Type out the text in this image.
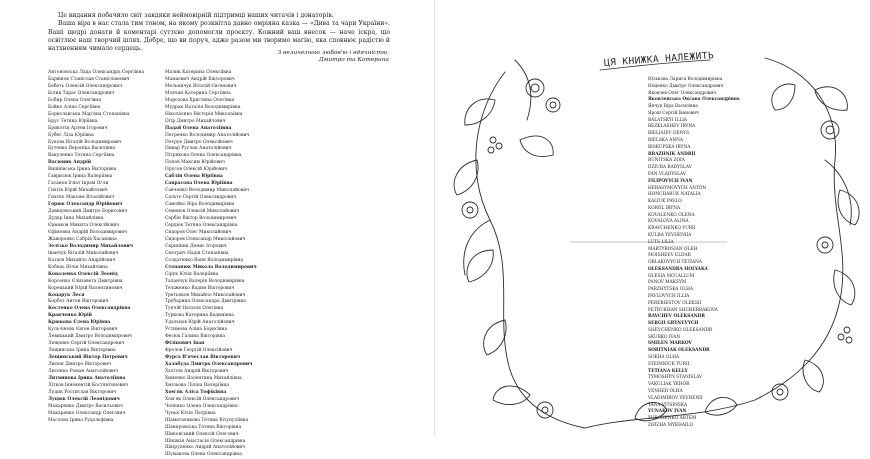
Це видання побачило світ завдяки неймовірній підтримці наших читачів і донаторів.

Ваша віра в нас стала тим тоном, на якому розквітла давно омріяна казка — «Дива та чари України». Ваші щедрі донати й коментарі суттєво допомогли проєкту. Кожний ваш внесок — наче іскра, що освітлює наш творчий шлях. Добре, що ви поруч, адже разом ми творимо магію, яка сповнює радістю й натхненням чимало сердець.

З величезною любов'ю і вдячністю,
Дмитро та Катерина
Антоновська Лада Олександра Сергіївна
Барвінок Станіслав Станіславович
Бебеть Олексій Олександрович
Білик Тарас Олександрович
Бобир Олена Олегівна
Бойко Аліна Сергіївна
Бориславська Мар'яна Степанівна
Брус Тетяна Юріївна
Брикотін Артем Ігорович
Бубес Ліза Юріївна
Букова Віталій Володимирович
Бутенко Вероніка Василівна
Вакуленко Тетяна Сергіївна
Васюник Андрій
Вишнівська Ірина Вікторівна
Гаврилюк Ірина Валеріївна
Гасанов Ігнат Ікрам Огли
Гнатів Юрій Михайлович
Гнатко Максим Віталійович
Горюк Олександр Юрійович
Давидовський Дмитро Борисович
Дудар Інна Михайлівна
Єрмаков Микита Олексійович
Єфімовна Андрій Володимирович
Жаворонко Сабрія Хасанівна
Зелізко Володимир Михайлович
Іванчук Віталій Миколайович
Катаєв Михайло Андрійович
Кобець Юлія Михайлівна
Коваленко Олексій Леонід
Корсенко Єлизавета Дмитрівна
Корецький Юрій Валентинович
Коцарук Леся
Корбот Антон Вікторович
Костенко Олена Олександрівна
Кравченко Юрій
Крюкова Єлена Юрівна
Кульчінова Євген Вікторович
Левицький Дмитро Володимирович
Лещенко Сергій Олександрович
Лещинська Ірина Вікторівна
Лещинський Віктор Петрович
Лисюк Дмитро Вікторович
Лисенко Роман Анатолійович
Литвинова Ірина Анатоліївна
Літков Іннокентій Костянтинович
Луцик Ростислав Вікторович
Луцюк Олексій Леонідович
Макаренко Дмитро Васильович
Макаренко Олександр Олегович
Маслова Ірина Рудольфівна
Малик Катерина Олексіївна
Мамаєвич Андрій Вікторович
Мельничук Віталій Євгенович
Мовчан Катерина Сергіївна
Морозова Христина Олегівна
Мудрак Наталія Володимирівна
Ніколаєнко Вікторія Миколаївна
Огір Дмитро Михайлович
Падай Олена Анатоліївна
Петренко Володимир Анатолійович
Петрук Дмитро Олексійович
Пивар Руслан Анатолійович
Пітрякова Олена Олександрівна
Попов Максим Юрійович
Прусов Олексій Юрійович
Саблін Олена Юріївна
Саврасова Олена Юріївна
Савченко Володимир Миколайович
Сальтє Сергій Олександрович
Самойко Віра Володимирівна
Семенов Олексій Миколайович
Сербін Віктор Володимирович
Сердюк Тетяна Олександрівна
Сидоров Олег Миколайович
Сидоров Олександр Миколайович
Скрипник Денис Ігорович
Смотрич Надія Степанівна
Солдатенко Ваня Володимирівна
Степанюк Микола Володимирович
Сірук Юлія Валеріївна
Таланчук Валерія Володимирівна
Теліженко Вадим Вікторович
Третьяков Михайло Миколайович
Трубарина Олександра Дмитрівна
Тупчій Наталія Олегівна
Туркова Катерина Вадимівна
Удальцов Юрій Анатолійович
Устимова Аліна Борисівна
Фесюк Галина Вікторівна
Філіпович Іван
Фролов Георгій Олексійович
Фурса В'ячеслав Вікторович
Халабуда Дмитро Олександрович
Халітов Андрій Вікторович
Хименко Валентина Михайлівна
Хмільова Ліліна Валеріївна
Хом'як Аліса Тофіківна
Хом'як Олексій Олександрович
Чопенко Олена Олександрівна
Чуньк Юлія Петрівна
Шаматаєнкова Тетяна Вітупуліївна
Шанпровська Тетяна Вікторівна
Шиковський Олексій Олегович
Шишкін Анастасія Олександрівна
Шкірупенко Андрій Анатолійович
Шумакова Олена Олександрівна
ЦЯ КНИЖКА НАЛЕЖИТЬ
Юзькова Лариса Володимирівна
Ющенко Дмитро Олександрович
Яковлев Олег Олександрович
Яковлевська Оксана Олександрівна
Янчук Віра Василівна
Ярош Сергій Іванович
BALATSKYI ILLIA
BEZKLASHEV IRYNA
BIELIAIEV DENYS
BIELSKA ANNA
BISKUPSKA IRYNA
BRAZHNIK ANDRII
BUNITSKA ZOIA
DZIUBA RADYSLAV
FAN VLADYSLAV
FILIPOVYCH IVAN
HERASYMOVYCH ANTON
HONCHARUK NATALIA
KALIUK PAVLO
KOROL IRYNA
KOVALENKO OLENA
KOVALOVA ALINA
KRAVCHENKO YURII
KULBA YEVHENIIA
LUTS LILIA
MARTYROSIAN OLEH
MOISHEEV ELDAR
OBLAKOVYCH TETIANA
OLEKSANDRA HOLYAKA
OLESIA MCCALLUM
PANOV MAKSYM
PARZHYTSKA OLHA
PAVLOVYCH ILLIA
PEREBIESTOV OLEKSII
PETRUKHAN SHCHERBAKOVA
RAVCHEV OLEKSANDR
SERGII GRYNEVYCH
SHEVCHENKO OLEKSANDR
SKUBKO IVAN
SMILEN MARKOV
SOBITNIAK OLEKSANDR
SOKHA OLHA
STEPANIUK YURII
TETIANA KELLY
TYMOSHYN STANISLAV
VAKULIAK YEHOR
VENHER OLHA
VLADIMIROV YEVHENII
YANA VITSINSKA
YUNAKOV IVAN
YURCHENKO ARTEM
ZHIZHA MYKHAILO
